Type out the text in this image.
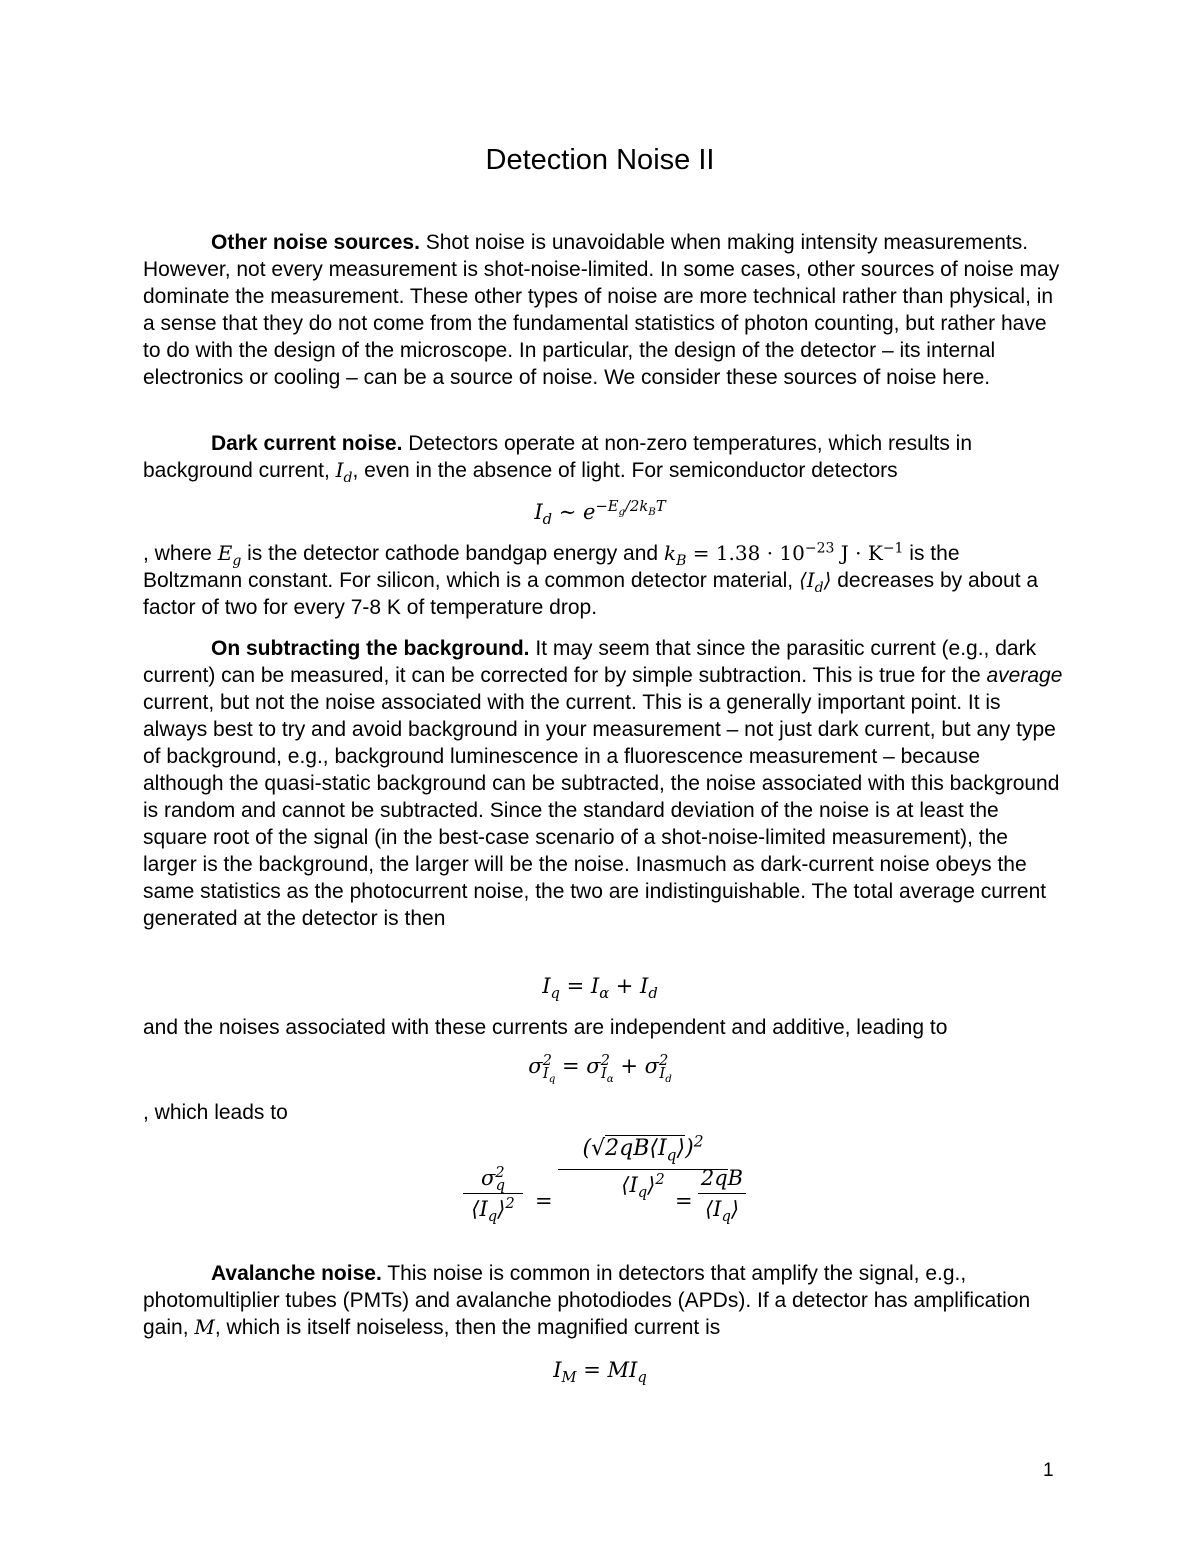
Detection Noise II
Other noise sources. Shot noise is unavoidable when making intensity measurements. However, not every measurement is shot-noise-limited. In some cases, other sources of noise may dominate the measurement. These other types of noise are more technical rather than physical, in a sense that they do not come from the fundamental statistics of photon counting, but rather have to do with the design of the microscope. In particular, the design of the detector – its internal electronics or cooling – can be a source of noise. We consider these sources of noise here.
Dark current noise. Detectors operate at non-zero temperatures, which results in background current, $I_d$, even in the absence of light. For semiconductor detectors
$I_d$ ∼ $e^{-E_g/2k_BT}$
, where $E_g$ is the detector cathode bandgap energy and $k_B = 1.38 \cdot 10^{-23}$ $J \cdot K^{-1}$ is the Boltzmann constant. For silicon, which is a common detector material, $⟨I_d⟩$ decreases by about a factor of two for every 7-8 K of temperature drop.
On subtracting the background. It may seem that since the parasitic current (e.g., dark current) can be measured, it can be corrected for by simple subtraction. This is true for the average current, but not the noise associated with the current. This is a generally important point. It is always best to try and avoid background in your measurement – not just dark current, but any type of background, e.g., background luminescence in a fluorescence measurement – because although the quasi-static background can be subtracted, the noise associated with this background is random and cannot be subtracted. Since the standard deviation of the noise is at least the square root of the signal (in the best-case scenario of a shot-noise-limited measurement), the larger is the background, the larger will be the noise. Inasmuch as dark-current noise obeys the same statistics as the photocurrent noise, the two are indistinguishable. The total average current generated at the detector is then
$I_q = I_\alpha + I_d$
and the noises associated with these currents are independent and additive, leading to
$\sigma^2_{I_q} = \sigma^2_{I_\alpha} + \sigma^2_{I_d}$
, which leads to
$\sigma^2_q$
$⟨I_q⟩^2$ =
$(√2qB⟨I_q⟩)^2$
$⟨I_q⟩^2$
=
2qB
$⟨I_q⟩$
Avalanche noise. This noise is common in detectors that amplify the signal, e.g., photomultiplier tubes (PMTs) and avalanche photodiodes (APDs). If a detector has amplification gain, M, which is itself noiseless, then the magnified current is
$I_M = MI_q$
1
